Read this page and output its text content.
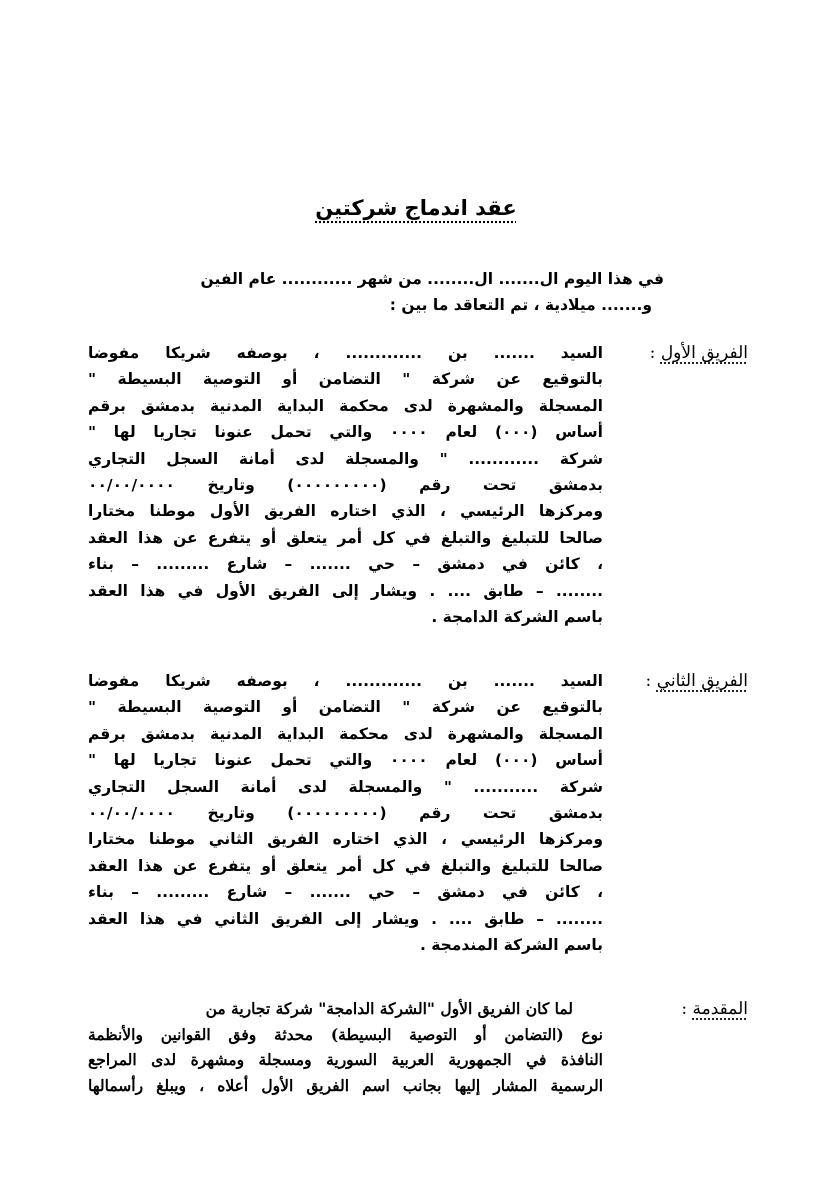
عقد اندماج شركتين
في هذا اليوم ال....... ال........ من شهر ............ عام الفين
و....... ميلادية ، تم التعاقد ما بين :
الفريق الأول :
السيد ....... بن ............. ، بوصفه شريكا مفوضا
بالتوقيع عن شركة " التضامن أو التوصية البسيطة "
المسجلة والمشهرة لدى محكمة البداية المدنية بدمشق برقم
أساس (٠٠٠) لعام ٠٠٠٠ والتي تحمل عنونا تجاريا لها "
شركة ............ " والمسجلة لدى أمانة السجل التجاري
بدمشق تحت رقم (٠٠٠٠٠٠٠٠٠) وتاريخ ٠٠/٠٠/٠٠٠٠
ومركزها الرئيسي ، الذي اختاره الفريق الأول موطنا مختارا
صالحا للتبليغ والتبلغ في كل أمر يتعلق أو يتفرع عن هذا العقد
، كائن في دمشق – حي ....... – شارع ......... – بناء
........ – طابق .... . ويشار إلى الفريق الأول في هذا العقد
باسم الشركة الدامجة .
الفريق الثاني :
السيد ....... بن ............. ، بوصفه شريكا مفوضا
بالتوقيع عن شركة " التضامن أو التوصية البسيطة "
المسجلة والمشهرة لدى محكمة البداية المدنية بدمشق برقم
أساس (٠٠٠) لعام ٠٠٠٠ والتي تحمل عنونا تجاريا لها "
شركة ........... " والمسجلة لدى أمانة السجل التجاري
بدمشق تحت رقم (٠٠٠٠٠٠٠٠٠) وتاريخ ٠٠/٠٠/٠٠٠٠
ومركزها الرئيسي ، الذي اختاره الفريق الثاني موطنا مختارا
صالحا للتبليغ والتبلغ في كل أمر يتعلق أو يتفرع عن هذا العقد
، كائن في دمشق – حي ....... – شارع ......... – بناء
........ – طابق .... . ويشار إلى الفريق الثاني في هذا العقد
باسم الشركة المندمجة .
المقدمة :
لما كان الفريق الأول "الشركة الدامجة" شركة تجارية من
نوع (التضامن أو التوصية البسيطة) محدثة وفق القوانين والأنظمة
النافذة في الجمهورية العربية السورية ومسجلة ومشهرة لدى المراجع
الرسمية المشار إليها بجانب اسم الفريق الأول أعلاه ، ويبلغ رأسمالها
